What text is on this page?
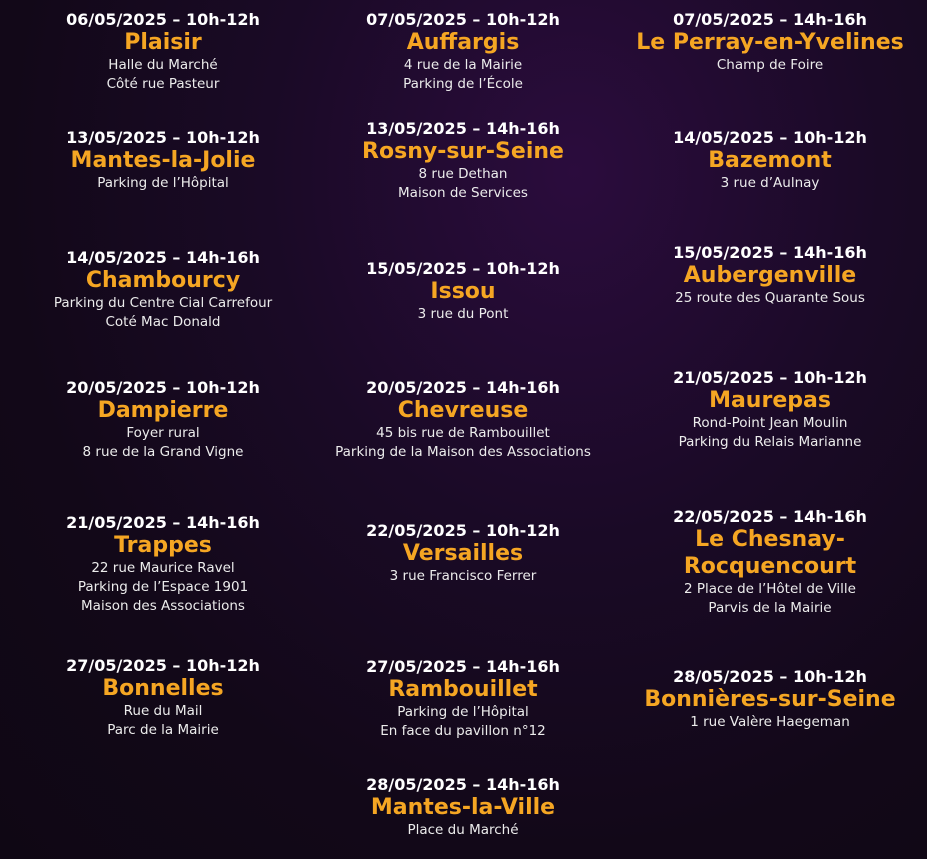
06/05/2025 – 10h-12h
Plaisir
Halle du Marché
Côté rue Pasteur
07/05/2025 – 10h-12h
Auffargis
4 rue de la Mairie
Parking de l’École
07/05/2025 – 14h-16h
Le Perray-en-Yvelines
Champ de Foire
13/05/2025 – 10h-12h
Mantes-la-Jolie
Parking de l’Hôpital
13/05/2025 – 14h-16h
Rosny-sur-Seine
8 rue Dethan
Maison de Services
14/05/2025 – 10h-12h
Bazemont
3 rue d’Aulnay
14/05/2025 – 14h-16h
Chambourcy
Parking du Centre Cial Carrefour
Coté Mac Donald
15/05/2025 – 10h-12h
Issou
3 rue du Pont
15/05/2025 – 14h-16h
Aubergenville
25 route des Quarante Sous
20/05/2025 – 10h-12h
Dampierre
Foyer rural
8 rue de la Grand Vigne
20/05/2025 – 14h-16h
Chevreuse
45 bis rue de Rambouillet
Parking de la Maison des Associations
21/05/2025 – 10h-12h
Maurepas
Rond-Point Jean Moulin
Parking du Relais Marianne
21/05/2025 – 14h-16h
Trappes
22 rue Maurice Ravel
Parking de l’Espace 1901
Maison des Associations
22/05/2025 – 10h-12h
Versailles
3 rue Francisco Ferrer
22/05/2025 – 14h-16h
Le Chesnay-
Rocquencourt
2 Place de l’Hôtel de Ville
Parvis de la Mairie
27/05/2025 – 10h-12h
Bonnelles
Rue du Mail
Parc de la Mairie
27/05/2025 – 14h-16h
Rambouillet
Parking de l’Hôpital
En face du pavillon n°12
28/05/2025 – 10h-12h
Bonnières-sur-Seine
1 rue Valère Haegeman
28/05/2025 – 14h-16h
Mantes-la-Ville
Place du Marché
